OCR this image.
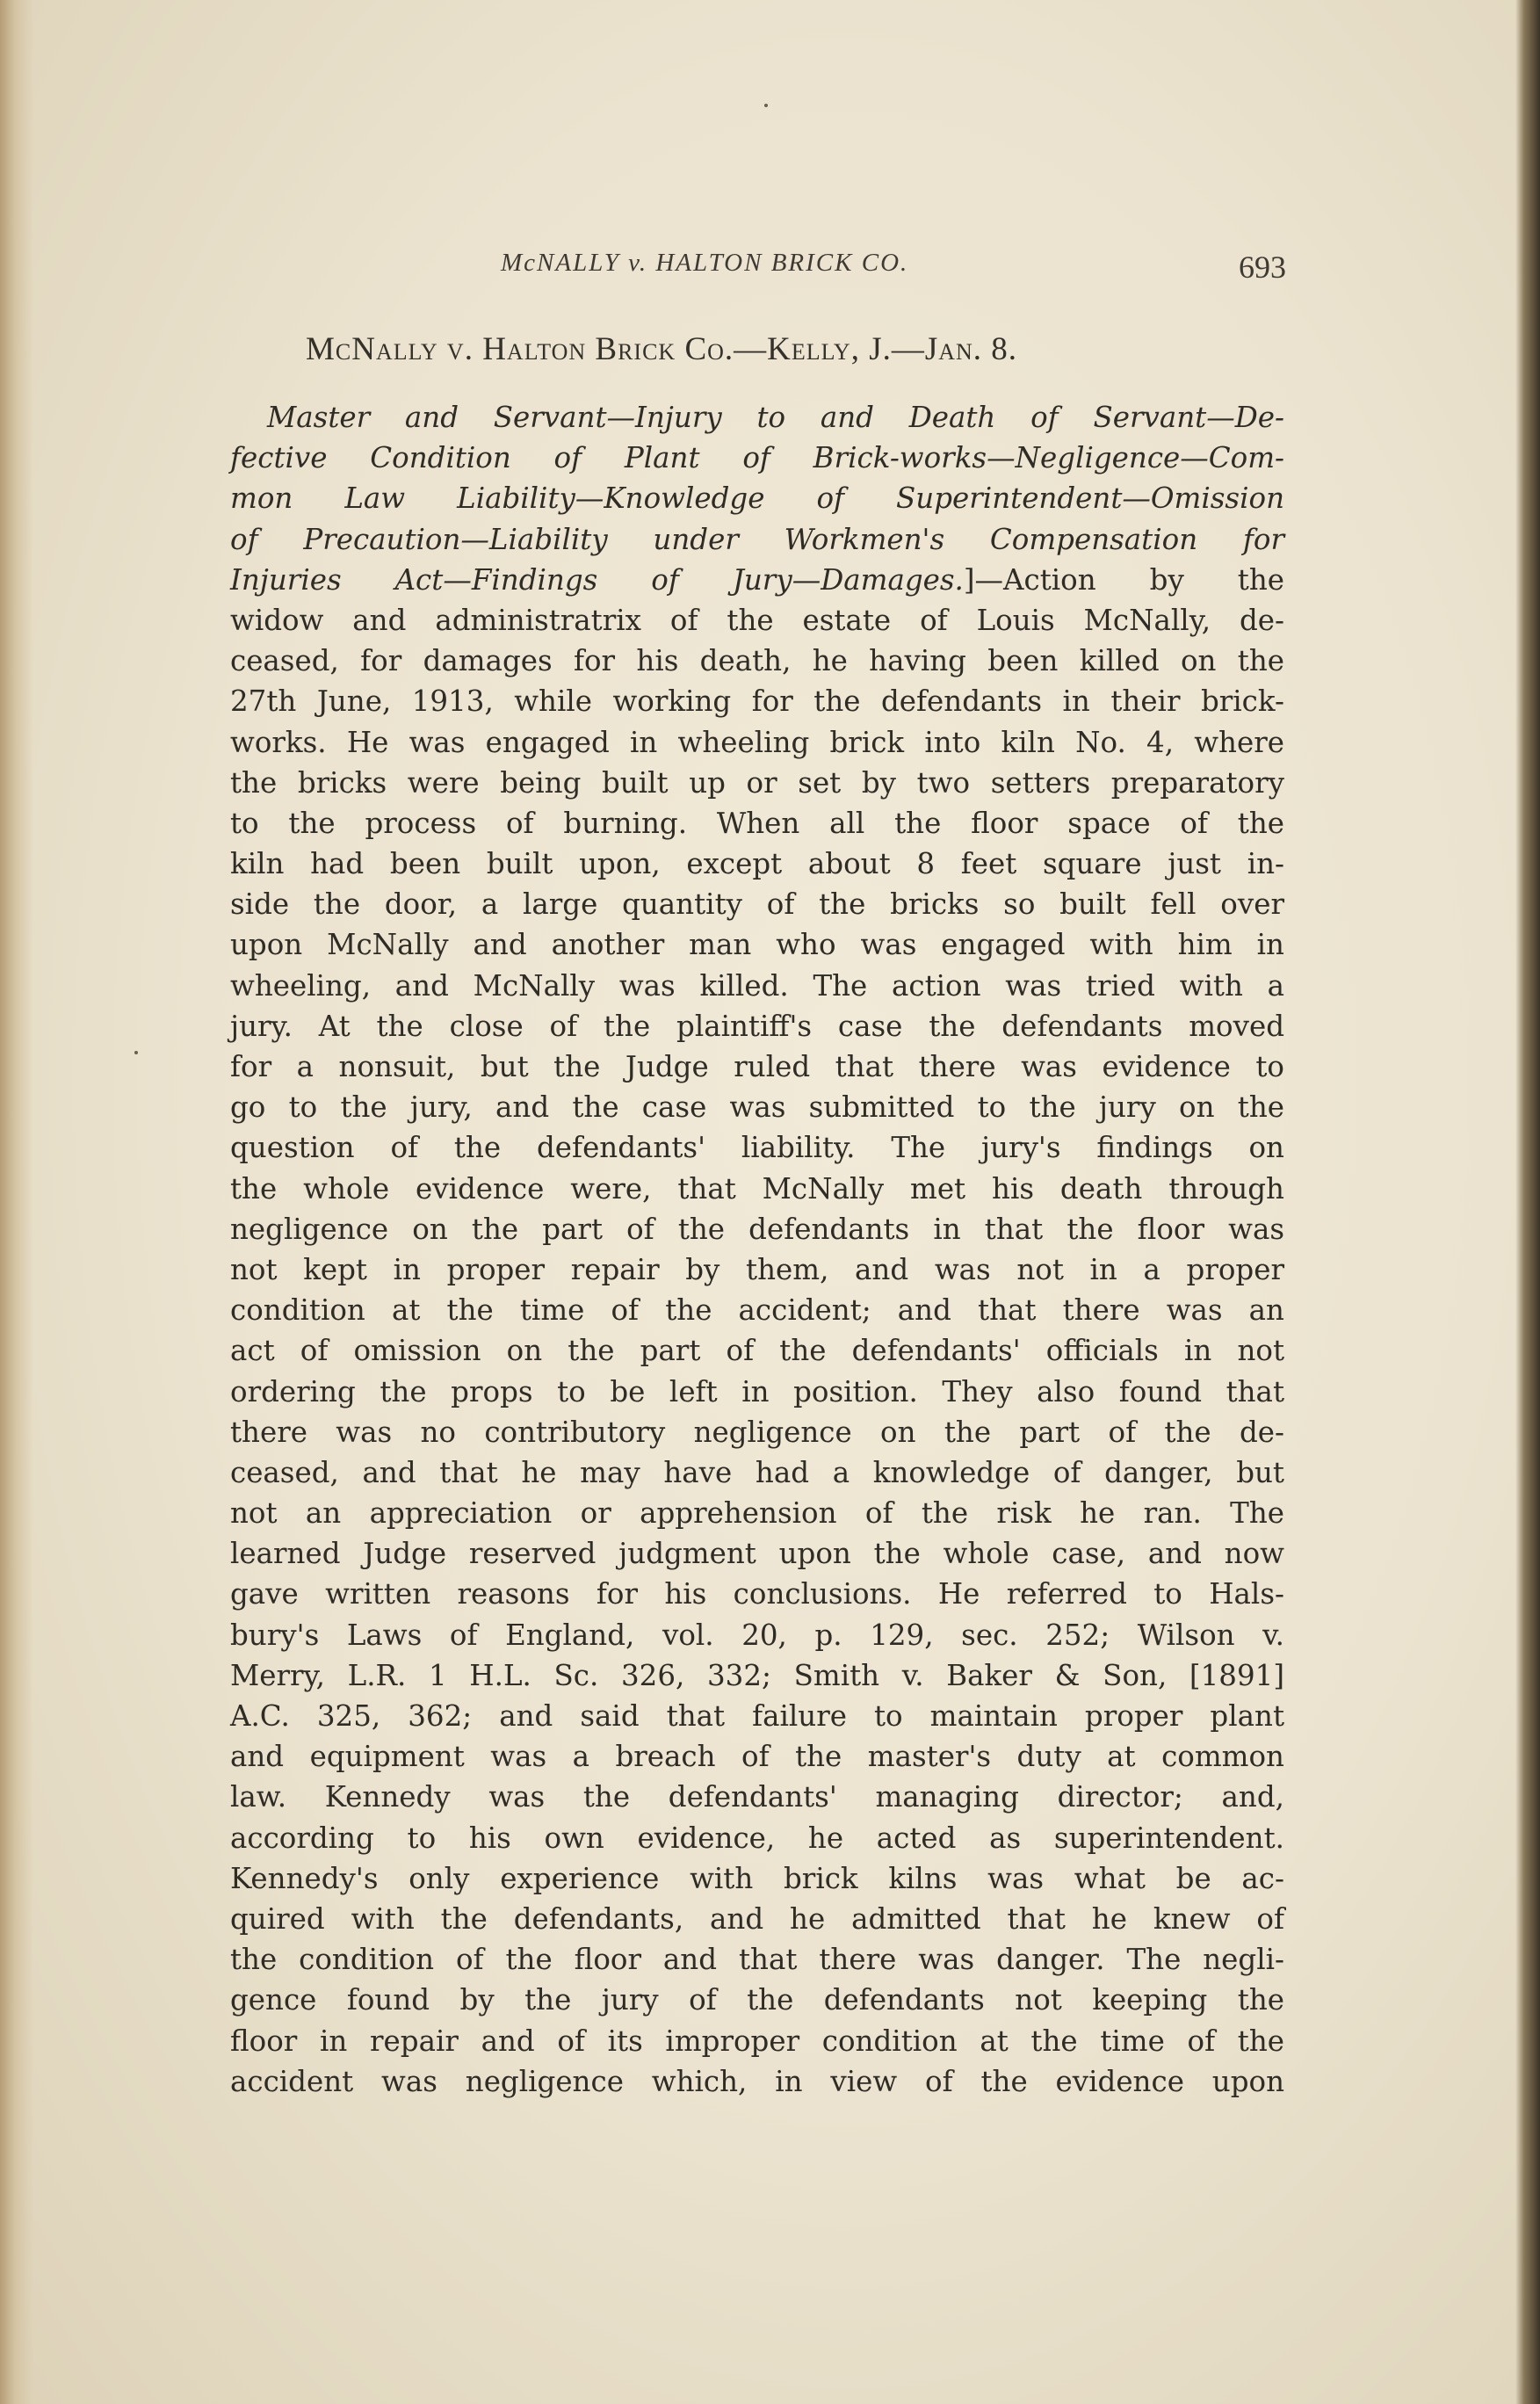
McNALLY v. HALTON BRICK CO.	693
McNally v. Halton Brick Co.—Kelly, J.—Jan. 8.
Master and Servant—Injury to and Death of Servant—De-
fective Condition of Plant of Brick-works—Negligence—Com-
mon Law Liability—Knowledge of Superintendent—Omission
of Precaution—Liability under Workmen's Compensation for
Injuries Act—Findings of Jury—Damages.]—Action by the
widow and administratrix of the estate of Louis McNally, de-
ceased, for damages for his death, he having been killed on the
27th June, 1913, while working for the defendants in their brick-
works. He was engaged in wheeling brick into kiln No. 4, where
the bricks were being built up or set by two setters preparatory
to the process of burning. When all the floor space of the
kiln had been built upon, except about 8 feet square just in-
side the door, a large quantity of the bricks so built fell over
upon McNally and another man who was engaged with him in
wheeling, and McNally was killed. The action was tried with a
jury. At the close of the plaintiff's case the defendants moved
for a nonsuit, but the Judge ruled that there was evidence to
go to the jury, and the case was submitted to the jury on the
question of the defendants' liability. The jury's findings on
the whole evidence were, that McNally met his death through
negligence on the part of the defendants in that the floor was
not kept in proper repair by them, and was not in a proper
condition at the time of the accident; and that there was an
act of omission on the part of the defendants' officials in not
ordering the props to be left in position. They also found that
there was no contributory negligence on the part of the de-
ceased, and that he may have had a knowledge of danger, but
not an appreciation or apprehension of the risk he ran. The
learned Judge reserved judgment upon the whole case, and now
gave written reasons for his conclusions. He referred to Hals-
bury's Laws of England, vol. 20, p. 129, sec. 252; Wilson v.
Merry, L.R. 1 H.L. Sc. 326, 332; Smith v. Baker & Son, [1891]
A.C. 325, 362; and said that failure to maintain proper plant
and equipment was a breach of the master's duty at common
law. Kennedy was the defendants' managing director; and,
according to his own evidence, he acted as superintendent.
Kennedy's only experience with brick kilns was what be ac-
quired with the defendants, and he admitted that he knew of
the condition of the floor and that there was danger. The negli-
gence found by the jury of the defendants not keeping the
floor in repair and of its improper condition at the time of the
accident was negligence which, in view of the evidence upon
